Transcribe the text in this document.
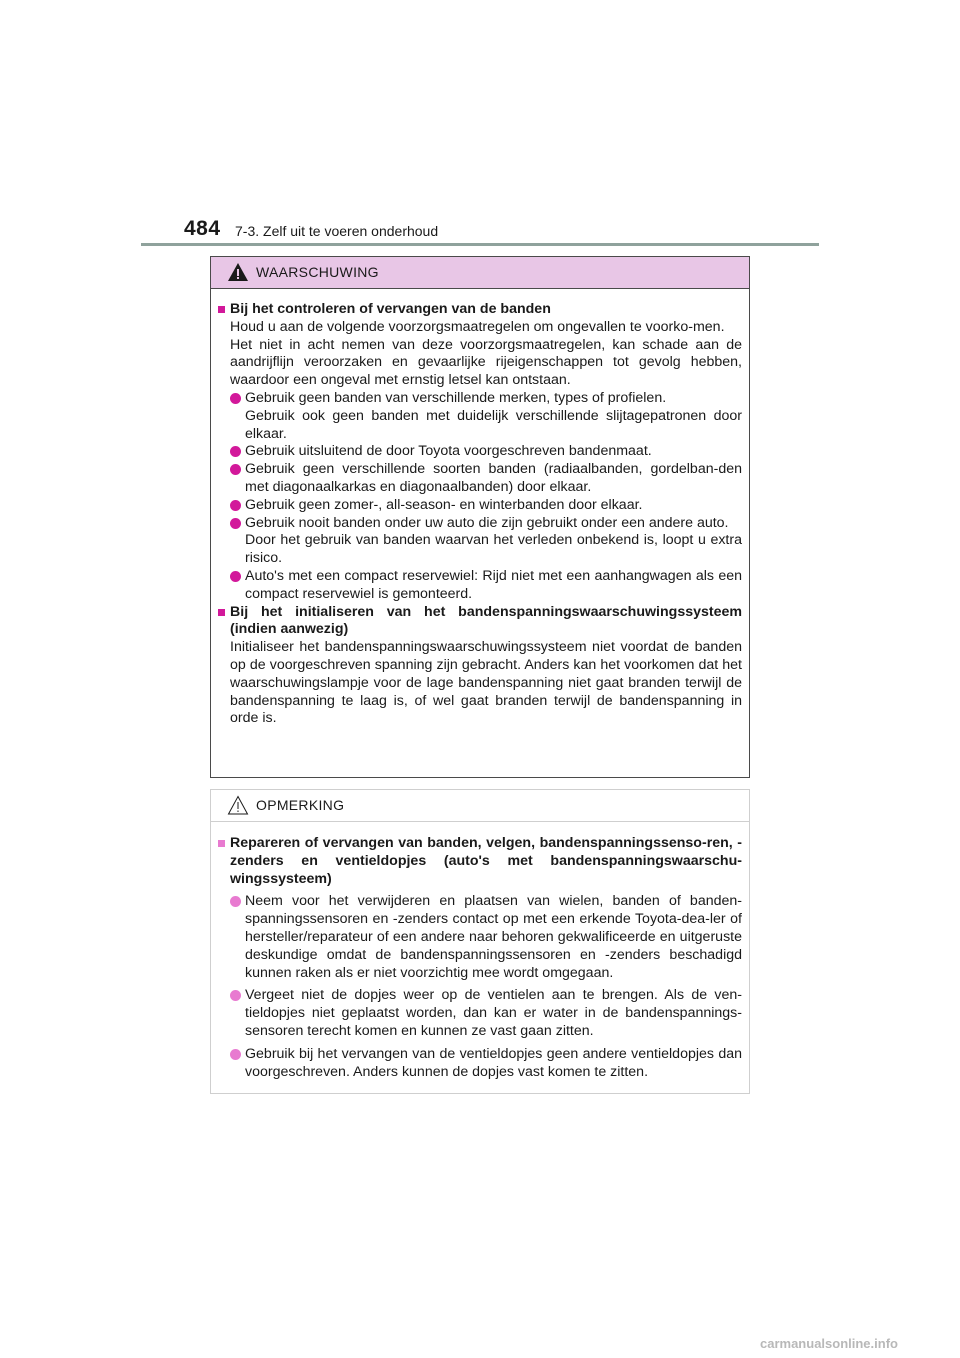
484 7-3. Zelf uit te voeren onderhoud
WAARSCHUWING
Bij het controleren of vervangen van de banden
Houd u aan de volgende voorzorgsmaatregelen om ongevallen te voorko-men.
Het niet in acht nemen van deze voorzorgsmaatregelen, kan schade aan de aandrijflijn veroorzaken en gevaarlijke rijeigenschappen tot gevolg hebben, waardoor een ongeval met ernstig letsel kan ontstaan.
Gebruik geen banden van verschillende merken, types of profielen.
Gebruik ook geen banden met duidelijk verschillende slijtagepatronen door elkaar.
Gebruik uitsluitend de door Toyota voorgeschreven bandenmaat.
Gebruik geen verschillende soorten banden (radiaalbanden, gordelban-den met diagonaalkarkas en diagonaalbanden) door elkaar.
Gebruik geen zomer-, all-season- en winterbanden door elkaar.
Gebruik nooit banden onder uw auto die zijn gebruikt onder een andere auto.
Door het gebruik van banden waarvan het verleden onbekend is, loopt u extra risico.
Auto's met een compact reservewiel: Rijd niet met een aanhangwagen als een compact reservewiel is gemonteerd.
Bij het initialiseren van het bandenspanningswaarschuwingssysteem (indien aanwezig)
Initialiseer het bandenspanningswaarschuwingssysteem niet voordat de banden op de voorgeschreven spanning zijn gebracht. Anders kan het voorkomen dat het waarschuwingslampje voor de lage bandenspanning niet gaat branden terwijl de bandenspanning te laag is, of wel gaat branden terwijl de bandenspanning in orde is.
OPMERKING
Repareren of vervangen van banden, velgen, bandenspanningssenso-ren, -zenders en ventieldopjes (auto's met bandenspanningswaarschu-wingssysteem)
Neem voor het verwijderen en plaatsen van wielen, banden of banden-spanningssensoren en -zenders contact op met een erkende Toyota-dea-ler of hersteller/reparateur of een andere naar behoren gekwalificeerde en uitgeruste deskundige omdat de bandenspanningssensoren en -zenders beschadigd kunnen raken als er niet voorzichtig mee wordt omgegaan.
Vergeet niet de dopjes weer op de ventielen aan te brengen. Als de ven-tieldopjes niet geplaatst worden, dan kan er water in de bandenspannings-sensoren terecht komen en kunnen ze vast gaan zitten.
Gebruik bij het vervangen van de ventieldopjes geen andere ventieldopjes dan voorgeschreven. Anders kunnen de dopjes vast komen te zitten.
carmanualsonline.info
